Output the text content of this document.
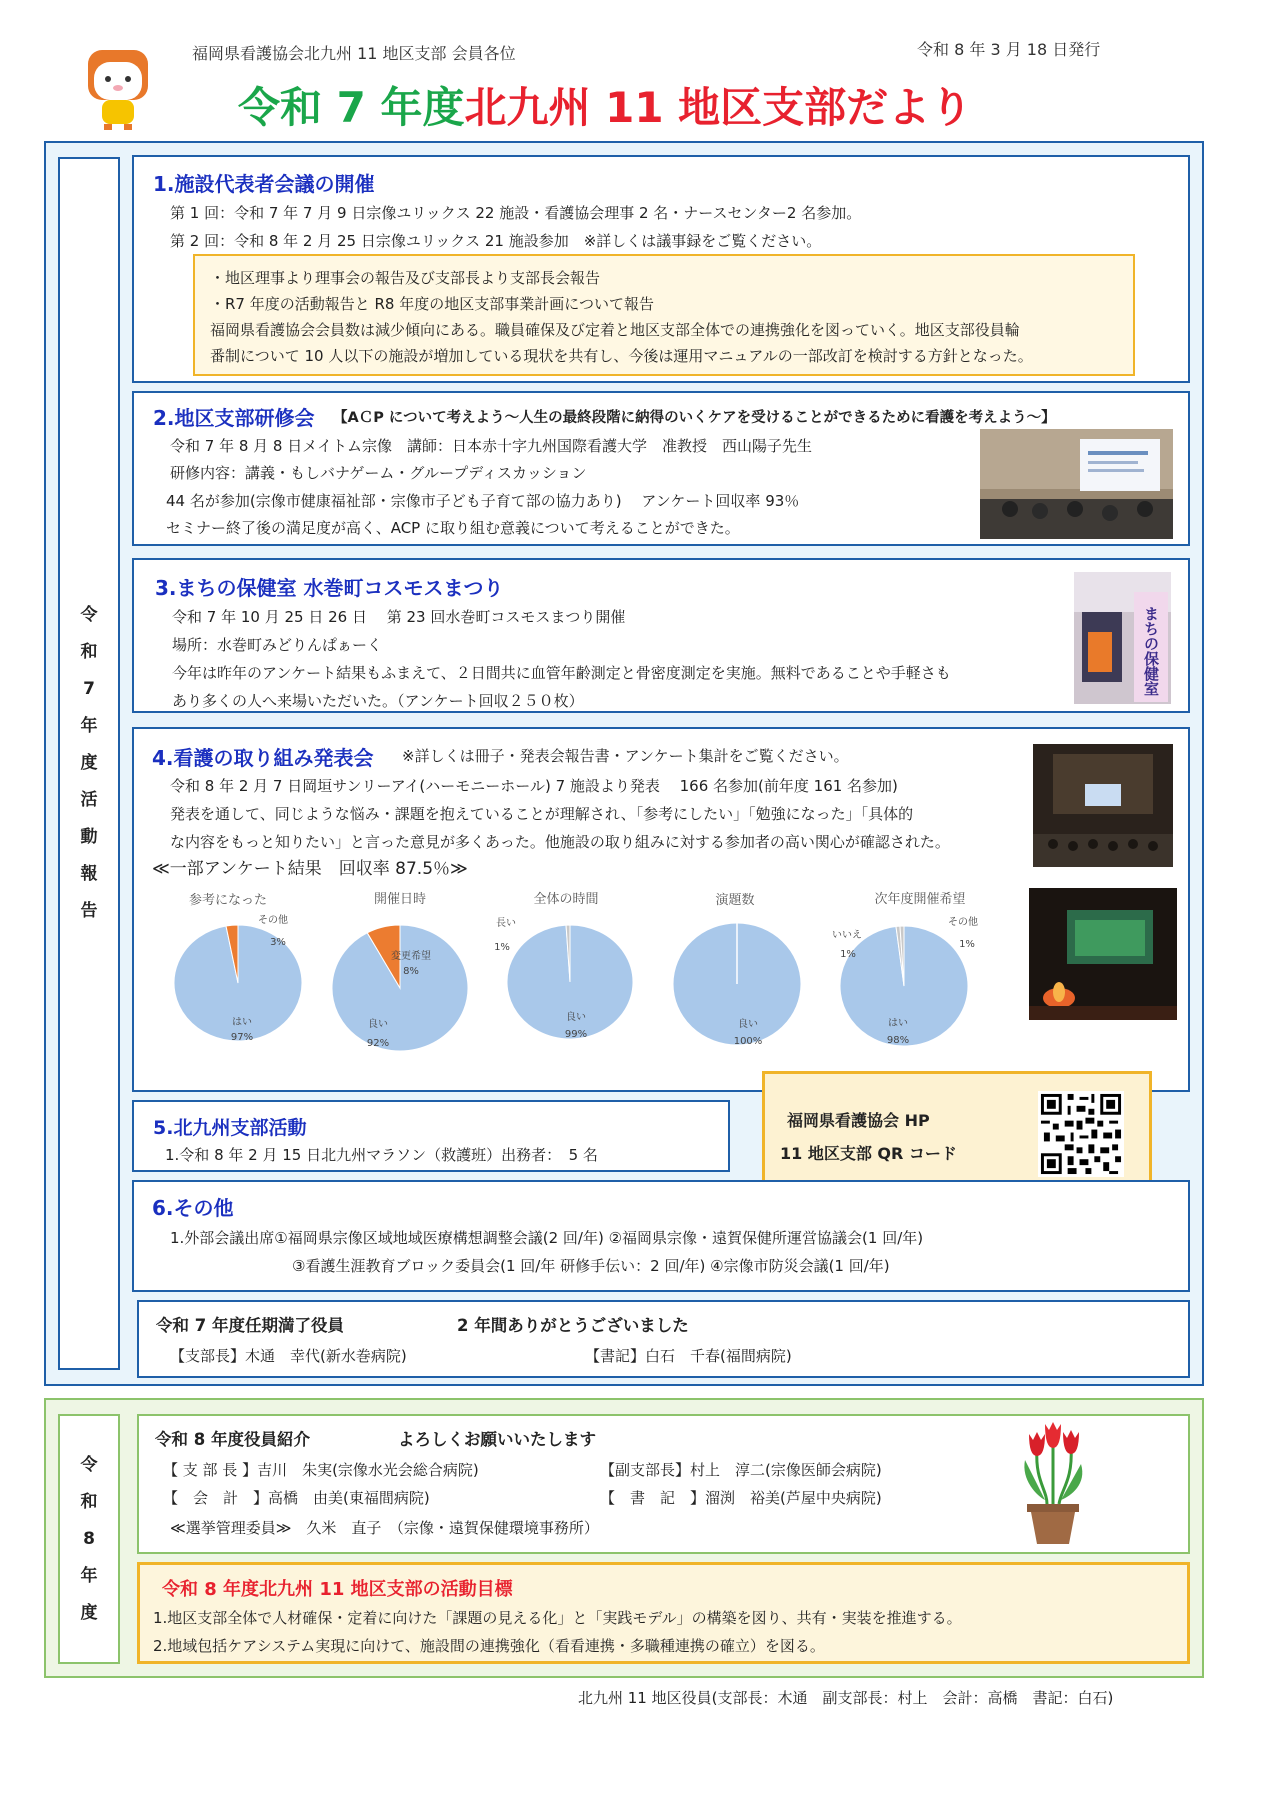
福岡県看護協会北九州 11 地区支部 会員各位	令和 8 年 3 月 18 日発行
令和 7 年度北九州 11 地区支部だより
令
和
7
年
度
活
動
報
告
1.施設代表者会議の開催
第 1 回：令和 7 年 7 月 9 日宗像ユリックス 22 施設・看護協会理事 2 名・ナースセンター2 名参加。
第 2 回：令和 8 年 2 月 25 日宗像ユリックス 21 施設参加　※詳しくは議事録をご覧ください。
・地区理事より理事会の報告及び支部長より支部長会報告
・R7 年度の活動報告と R8 年度の地区支部事業計画について報告
福岡県看護協会会員数は減少傾向にある。職員確保及び定着と地区支部全体での連携強化を図っていく。地区支部役員輪
番制について 10 人以下の施設が増加している現状を共有し、今後は運用マニュアルの一部改訂を検討する方針となった。
2.地区支部研修会 【AＣP について考えよう～人生の最終段階に納得のいくケアを受けることができるために看護を考えよう～】
令和 7 年 8 月 8 日メイトム宗像　講師：日本赤十字九州国際看護大学　准教授　西山陽子先生
研修内容：講義・もしバナゲーム・グループディスカッション
44 名が参加(宗像市健康福祉部・宗像市子ども子育て部の協力あり)　 アンケート回収率 93％
セミナー終了後の満足度が高く、ACP に取り組む意義について考えることができた。
3.まちの保健室 水巻町コスモスまつり
令和 7 年 10 月 25 日 26 日　 第 23 回水巻町コスモスまつり開催
場所：水巻町みどりんぱぁーく
今年は昨年のアンケート結果もふまえて、２日間共に血管年齢測定と骨密度測定を実施。無料であることや手軽さも
あり多くの人へ来場いただいた。（アンケート回収２５０枚）
まちの保健室
4.看護の取り組み発表会 ※詳しくは冊子・発表会報告書・アンケート集計をご覧ください。
令和 8 年 2 月 7 日岡垣サンリーアイ(ハーモニーホール) 7 施設より発表　 166 名参加(前年度 161 名参加)
発表を通して、同じような悩み・課題を抱えていることが理解され、「参考にしたい」「勉強になった」「具体的
な内容をもっと知りたい」と言った意見が多くあった。他施設の取り組みに対する参加者の高い関心が確認された。
≪一部アンケート結果　回収率 87.5％≫
参考になった	開催日時	全体の時間	演題数	次年度開催希望
その他
3%
はい
97%
変更希望
8%
良い
92%
長い
1%
良い
99%
良い
100%
いいえ
1%
その他
1%
はい
98%
5.北九州支部活動
1.令和 8 年 2 月 15 日北九州マラソン（救護班）出務者：　5 名
福岡県看護協会 HP
11 地区支部 QR コード
6.その他
1.外部会議出席①福岡県宗像区域地域医療構想調整会議(2 回/年) ②福岡県宗像・遠賀保健所運営協議会(1 回/年)
③看護生涯教育ブロック委員会(1 回/年 研修手伝い：2 回/年) ④宗像市防災会議(1 回/年)
令和 7 年度任期満了役員	2 年間ありがとうございました
【支部長】木通　幸代(新水巻病院)	【書記】白石　千春(福間病院)
令
和
8
年
度
令和 8 年度役員紹介	よろしくお願いいたします
【 支 部 長 】吉川　朱実(宗像水光会総合病院)	【副支部長】村上　淳二(宗像医師会病院)
【　会　計　】高橋　由美(東福間病院)	【　書　記　】溜渕　裕美(芦屋中央病院)
≪選挙管理委員≫　久米　直子　（宗像・遠賀保健環境事務所）
令和 8 年度北九州 11 地区支部の活動目標
1.地区支部全体で人材確保・定着に向けた「課題の見える化」と「実践モデル」の構築を図り、共有・実装を推進する。
2.地域包括ケアシステム実現に向けて、施設間の連携強化（看看連携・多職種連携の確立）を図る。
北九州 11 地区役員(支部長：木通　副支部長：村上　会計：高橋　書記：白石)
